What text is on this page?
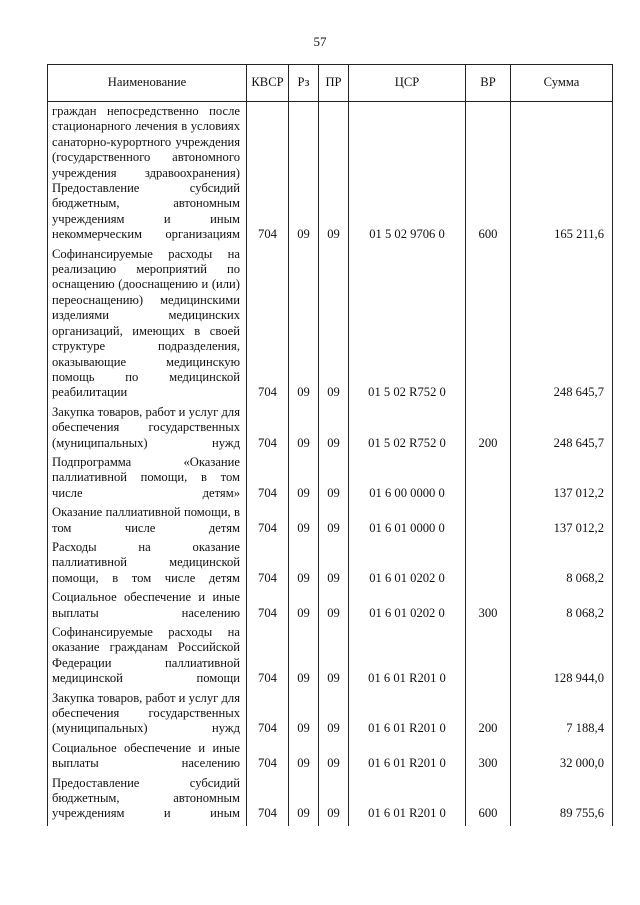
57
Наименование	КВСР	Рз	ПР	ЦСР	ВР	Сумма
граждан непосредственно после стационарного лечения в условиях санаторно-курортного учреждения (государственного автономного учреждения здравоохранения)						
Предоставление субсидий бюджетным, автономным учреждениям и иным некоммерческим организациям	704	09	09	01 5 02 9706 0	600	165 211,6
Софинансируемые расходы на реализацию мероприятий по оснащению (дооснащению и (или) переоснащению) медицинскими изделиями медицинских организаций, имеющих в своей структуре подразделения, оказывающие медицинскую помощь по медицинской реабилитации	704	09	09	01 5 02 R752 0		248 645,7
Закупка товаров, работ и услуг для обеспечения государственных (муниципальных) нужд	704	09	09	01 5 02 R752 0	200	248 645,7
Подпрограмма «Оказание паллиативной помощи, в том числе детям»	704	09	09	01 6 00 0000 0		137 012,2
Оказание паллиативной помощи, в том числе детям	704	09	09	01 6 01 0000 0		137 012,2
Расходы на оказание паллиативной медицинской помощи, в том числе детям	704	09	09	01 6 01 0202 0		8 068,2
Социальное обеспечение и иные выплаты населению	704	09	09	01 6 01 0202 0	300	8 068,2
Софинансируемые расходы на оказание гражданам Российской Федерации паллиативной медицинской помощи	704	09	09	01 6 01 R201 0		128 944,0
Закупка товаров, работ и услуг для обеспечения государственных (муниципальных) нужд	704	09	09	01 6 01 R201 0	200	7 188,4
Социальное обеспечение и иные выплаты населению	704	09	09	01 6 01 R201 0	300	32 000,0
Предоставление субсидий бюджетным, автономным учреждениям и иным	704	09	09	01 6 01 R201 0	600	89 755,6
